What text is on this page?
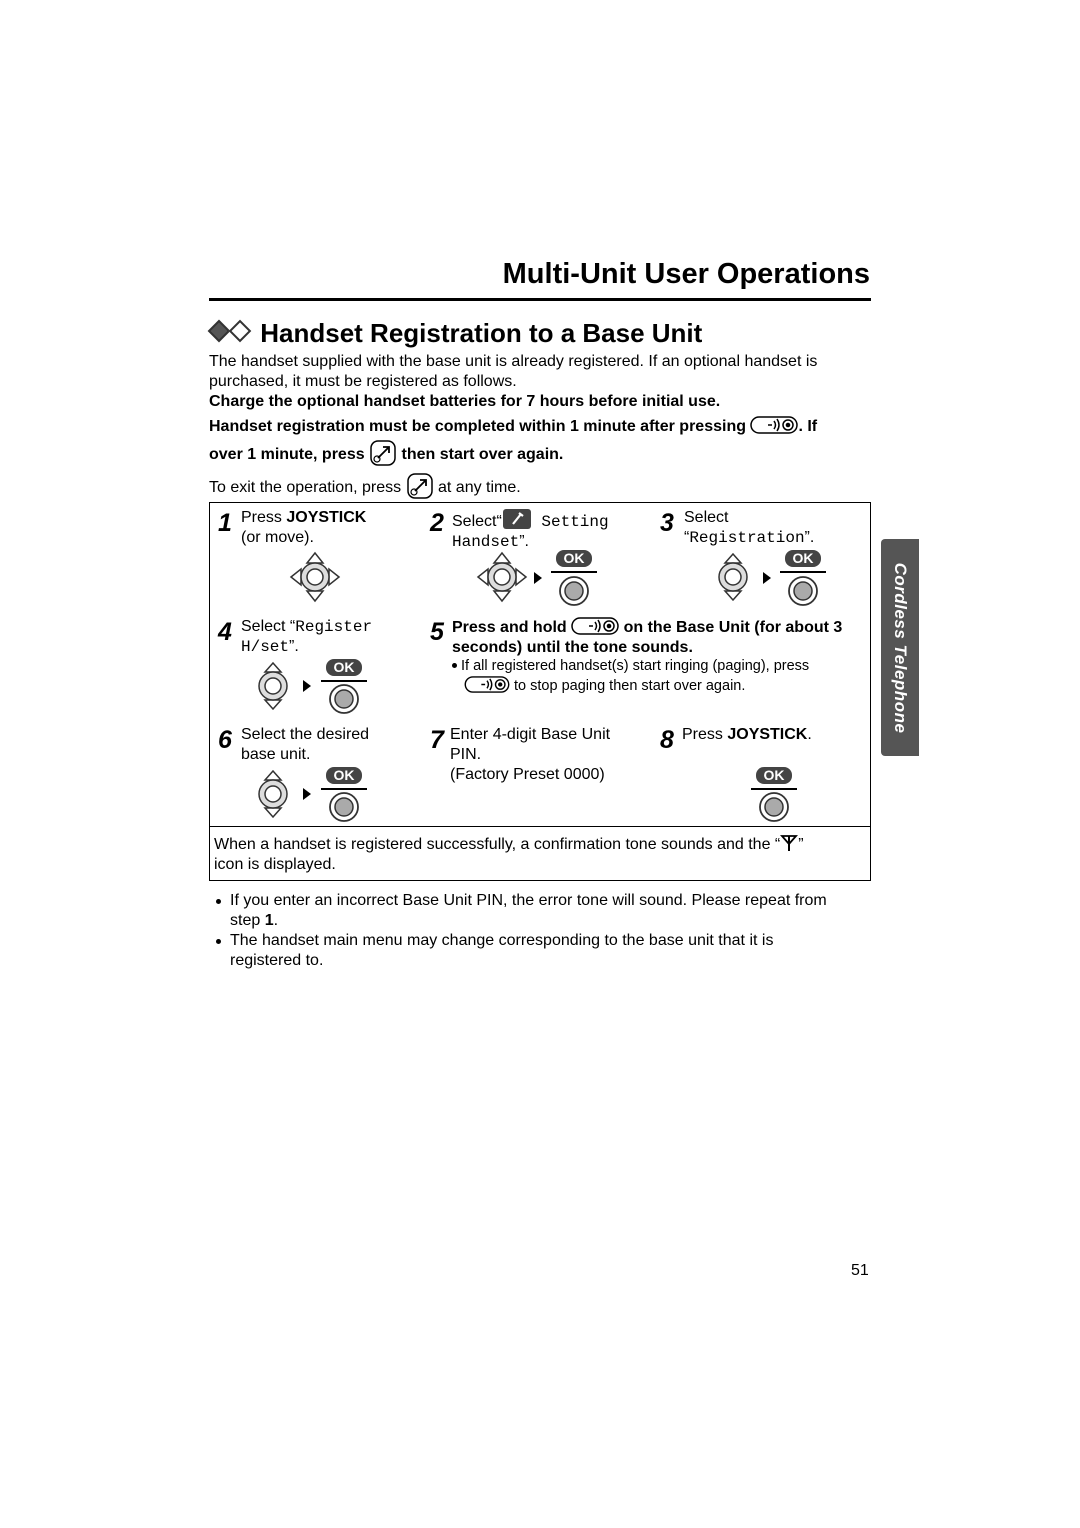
Multi-Unit User Operations
Handset Registration to a Base Unit
The handset supplied with the base unit is already registered. If an optional handset is
purchased, it must be registered as follows.
Charge the optional handset batteries for 7 hours before initial use.
Handset registration must be completed within 1 minute after pressing	. If
over 1 minute, press then start over again.
To exit the operation, press at any time.
1 Press JOYSTICK
(or move).
2 Select“ Setting
Handset”.
OK
3 Select
“Registration”.
OK
4 Select “Register
H/set”.
OK
5 Press and hold	on the Base Unit (for about 3
seconds) until the tone sounds.
If all registered handset(s) start ringing (paging), press
to stop paging then start over again.
6 Select the desired
base unit.
OK
7 Enter 4-digit Base Unit
PIN.
(Factory Preset 0000)
8 Press JOYSTICK.
OK
When a handset is registered successfully, a confirmation tone sounds and the “ ”
icon is displayed.
If you enter an incorrect Base Unit PIN, the error tone will sound. Please repeat from
step 1.
The handset main menu may change corresponding to the base unit that it is
registered to.
Cordless Telephone
51
